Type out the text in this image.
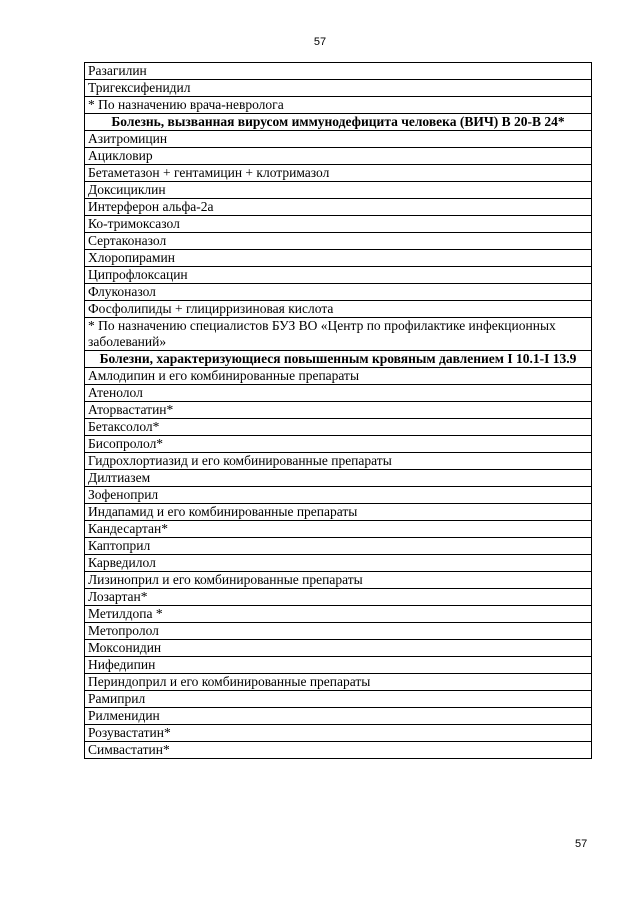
57
Разагилин
Тригексифенидил
* По назначению врача-невролога
Болезнь, вызванная вирусом иммунодефицита человека (ВИЧ) В 20-В 24*
Азитромицин
Ацикловир
Бетаметазон + гентамицин + клотримазол
Доксициклин
Интерферон альфа-2а
Ко-тримоксазол
Сертаконазол
Хлоропирамин
Ципрофлоксацин
Флуконазол
Фосфолипиды + глицирризиновая кислота
* По назначению специалистов БУЗ ВО «Центр по профилактике инфекционных заболеваний»
Болезни, характеризующиеся повышенным кровяным давлением I 10.1-I 13.9
Амлодипин и его комбинированные препараты
Атенолол
Аторвастатин*
Бетаксолол*
Бисопролол*
Гидрохлортиазид и его комбинированные препараты
Дилтиазем
Зофеноприл
Индапамид и его комбинированные препараты
Кандесартан*
Каптоприл
Карведилол
Лизиноприл и его комбинированные препараты
Лозартан*
Метилдопа *
Метопролол
Моксонидин
Нифедипин
Периндоприл и его комбинированные препараты
Рамиприл
Рилменидин
Розувастатин*
Симвастатин*
57
